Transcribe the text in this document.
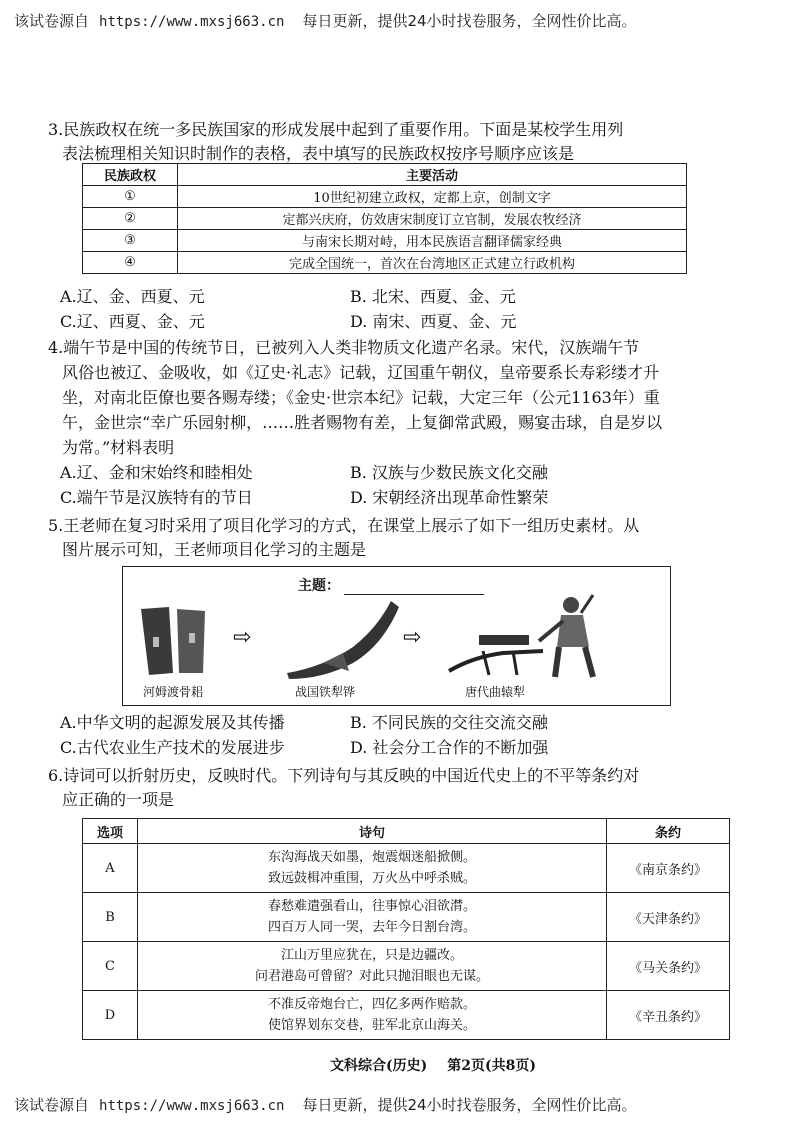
该试卷源自 https://www.mxsj663.cn 每日更新，提供24小时找卷服务，全网性价比高。

3.民族政权在统一多民族国家的形成发展中起到了重要作用。下面是某校学生用列

表法梳理相关知识时制作的表格，表中填写的民族政权按序号顺序应该是

民族政权	主要活动
①	10世纪初建立政权，定都上京，创制文字
②	定都兴庆府，仿效唐宋制度订立官制，发展农牧经济
③	与南宋长期对峙，用本民族语言翻译儒家经典
④	完成全国统一，首次在台湾地区正式建立行政机构
A.辽、金、西夏、元	B. 北宋、西夏、金、元
C.辽、西夏、金、元	D. 南宋、西夏、金、元

4.端午节是中国的传统节日，已被列入人类非物质文化遗产名录。宋代，汉族端午节

风俗也被辽、金吸收，如《辽史·礼志》记载，辽国重午朝仪，皇帝要系长寿彩缕才升

坐，对南北臣僚也要各赐寿缕；《金史·世宗本纪》记载，大定三年（公元1163年）重

午，金世宗“幸广乐园射柳，……胜者赐物有差，上复御常武殿，赐宴击球，自是岁以

为常。”材料表明

A.辽、金和宋始终和睦相处	B. 汉族与少数民族文化交融
C.端午节是汉族特有的节日	D. 宋朝经济出现革命性繁荣

5.王老师在复习时采用了项目化学习的方式，在课堂上展示了如下一组历史素材。从

图片展示可知，王老师项目化学习的主题是

主题：
⇨	⇨
河姆渡骨耜	战国铁犁铧	唐代曲辕犁
A.中华文明的起源发展及其传播	B. 不同民族的交往交流交融
C.古代农业生产技术的发展进步	D. 社会分工合作的不断加强

6.诗词可以折射历史，反映时代。下列诗句与其反映的中国近代史上的不平等条约对

应正确的一项是

选项	诗句	条约
A	东沟海战天如墨，炮震烟迷船掀侧。
致远鼓楫冲重围，万火丛中呼杀贼。	《南京条约》
B	春愁难遣强看山，往事惊心泪欲潸。
四百万人同一哭，去年今日割台湾。	《天津条约》
C	江山万里应犹在，只是边疆改。
问君港岛可曾留？对此只抛泪眼也无谋。	《马关条约》
D	不准反帝炮台亡，四亿多两作赔款。
使馆界划东交巷，驻军北京山海关。	《辛丑条约》
文科综合(历史) 第2页(共8页)
该试卷源自 https://www.mxsj663.cn 每日更新，提供24小时找卷服务，全网性价比高。
